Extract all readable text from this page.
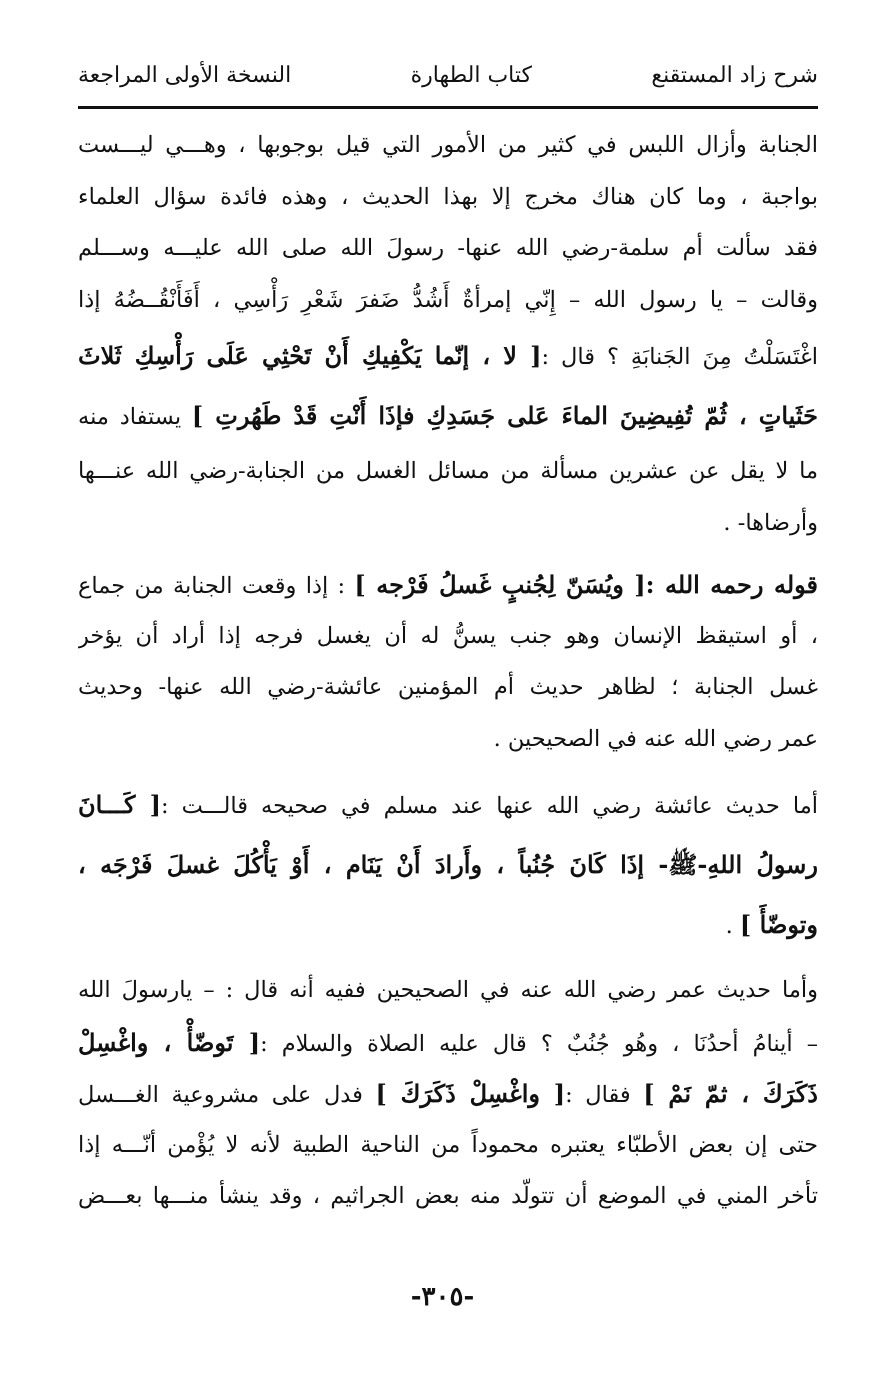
شرح زاد المستقنع
كتاب الطهارة
النسخة الأولى المراجعة
الجنابة وأزال اللبس في كثير من الأمور التي قيل بوجوبها ، وهـــي ليـــست
بواجبة ، وما كان هناك مخرج إلا بهذا الحديث ، وهذه فائدة سؤال العلماء
فقد سألت أم سلمة-رضي الله عنها- رسولَ الله صلى الله عليـــه وســـلم
وقالت – يا رسول الله – إِنّي إمرأةٌ أَشُدُّ ضَفرَ شَعْرِ رَأْسِي ، أَفَأَنْقُــضُهُ إذا
اغْتَسَلْتُ مِنَ الجَنابَةِ ؟ قال :[ لا ، إنّما يَكْفِيكِ أَنْ تَحْثِي عَلَى رَأْسِكِ ثَلاثَ
حَثَياتٍ ، ثُمّ تُفِيضِينَ الماءَ عَلى جَسَدِكِ فإذَا أَنْتِ قَدْ طَهُرتِ ] يستفاد منه
ما لا يقل عن عشرين مسألة من مسائل الغسل من الجنابة-رضي الله عنـــها
وأرضاها- .
قوله رحمه الله :[ ويُسَنّ لِجُنبٍ غَسلُ فَرْجه ] : إذا وقعت الجنابة من جماع
، أو استيقظ الإنسان وهو جنب يسنُّ له أن يغسل فرجه إذا أراد أن يؤخر
غسل الجنابة ؛ لظاهر حديث أم المؤمنين عائشة-رضي الله عنها- وحديث
عمر رضي الله عنه في الصحيحين .
أما حديث عائشة رضي الله عنها عند مسلم في صحيحه قالـــت :[ كَـــانَ
رسولُ اللهِ-ﷺ- إذَا كَانَ جُنُباً ، وأَرادَ أَنْ يَنَام ، أَوْ يَأْكُلَ غسلَ فَرْجَه ،
وتوضّأَ ] .
وأما حديث عمر رضي الله عنه في الصحيحين ففيه أنه قال : – يارسولَ الله
– أينامُ أحدُنَا ، وهُو جُنُبٌ ؟ قال عليه الصلاة والسلام :[ تَوضّأْ ، واغْسِلْ
ذَكَرَكَ ، ثمّ نَمْ ] فقال :[ واغْسِلْ ذَكَرَكَ ] فدل على مشروعية الغـــسل
حتى إن بعض الأطبّاء يعتبره محموداً من الناحية الطبية لأنه لا يُؤْمن أنّـــه إذا
تأخر المني في الموضع أن تتولّد منه بعض الجراثيم ، وقد ينشأ منـــها بعـــض
-٣٠٥-
